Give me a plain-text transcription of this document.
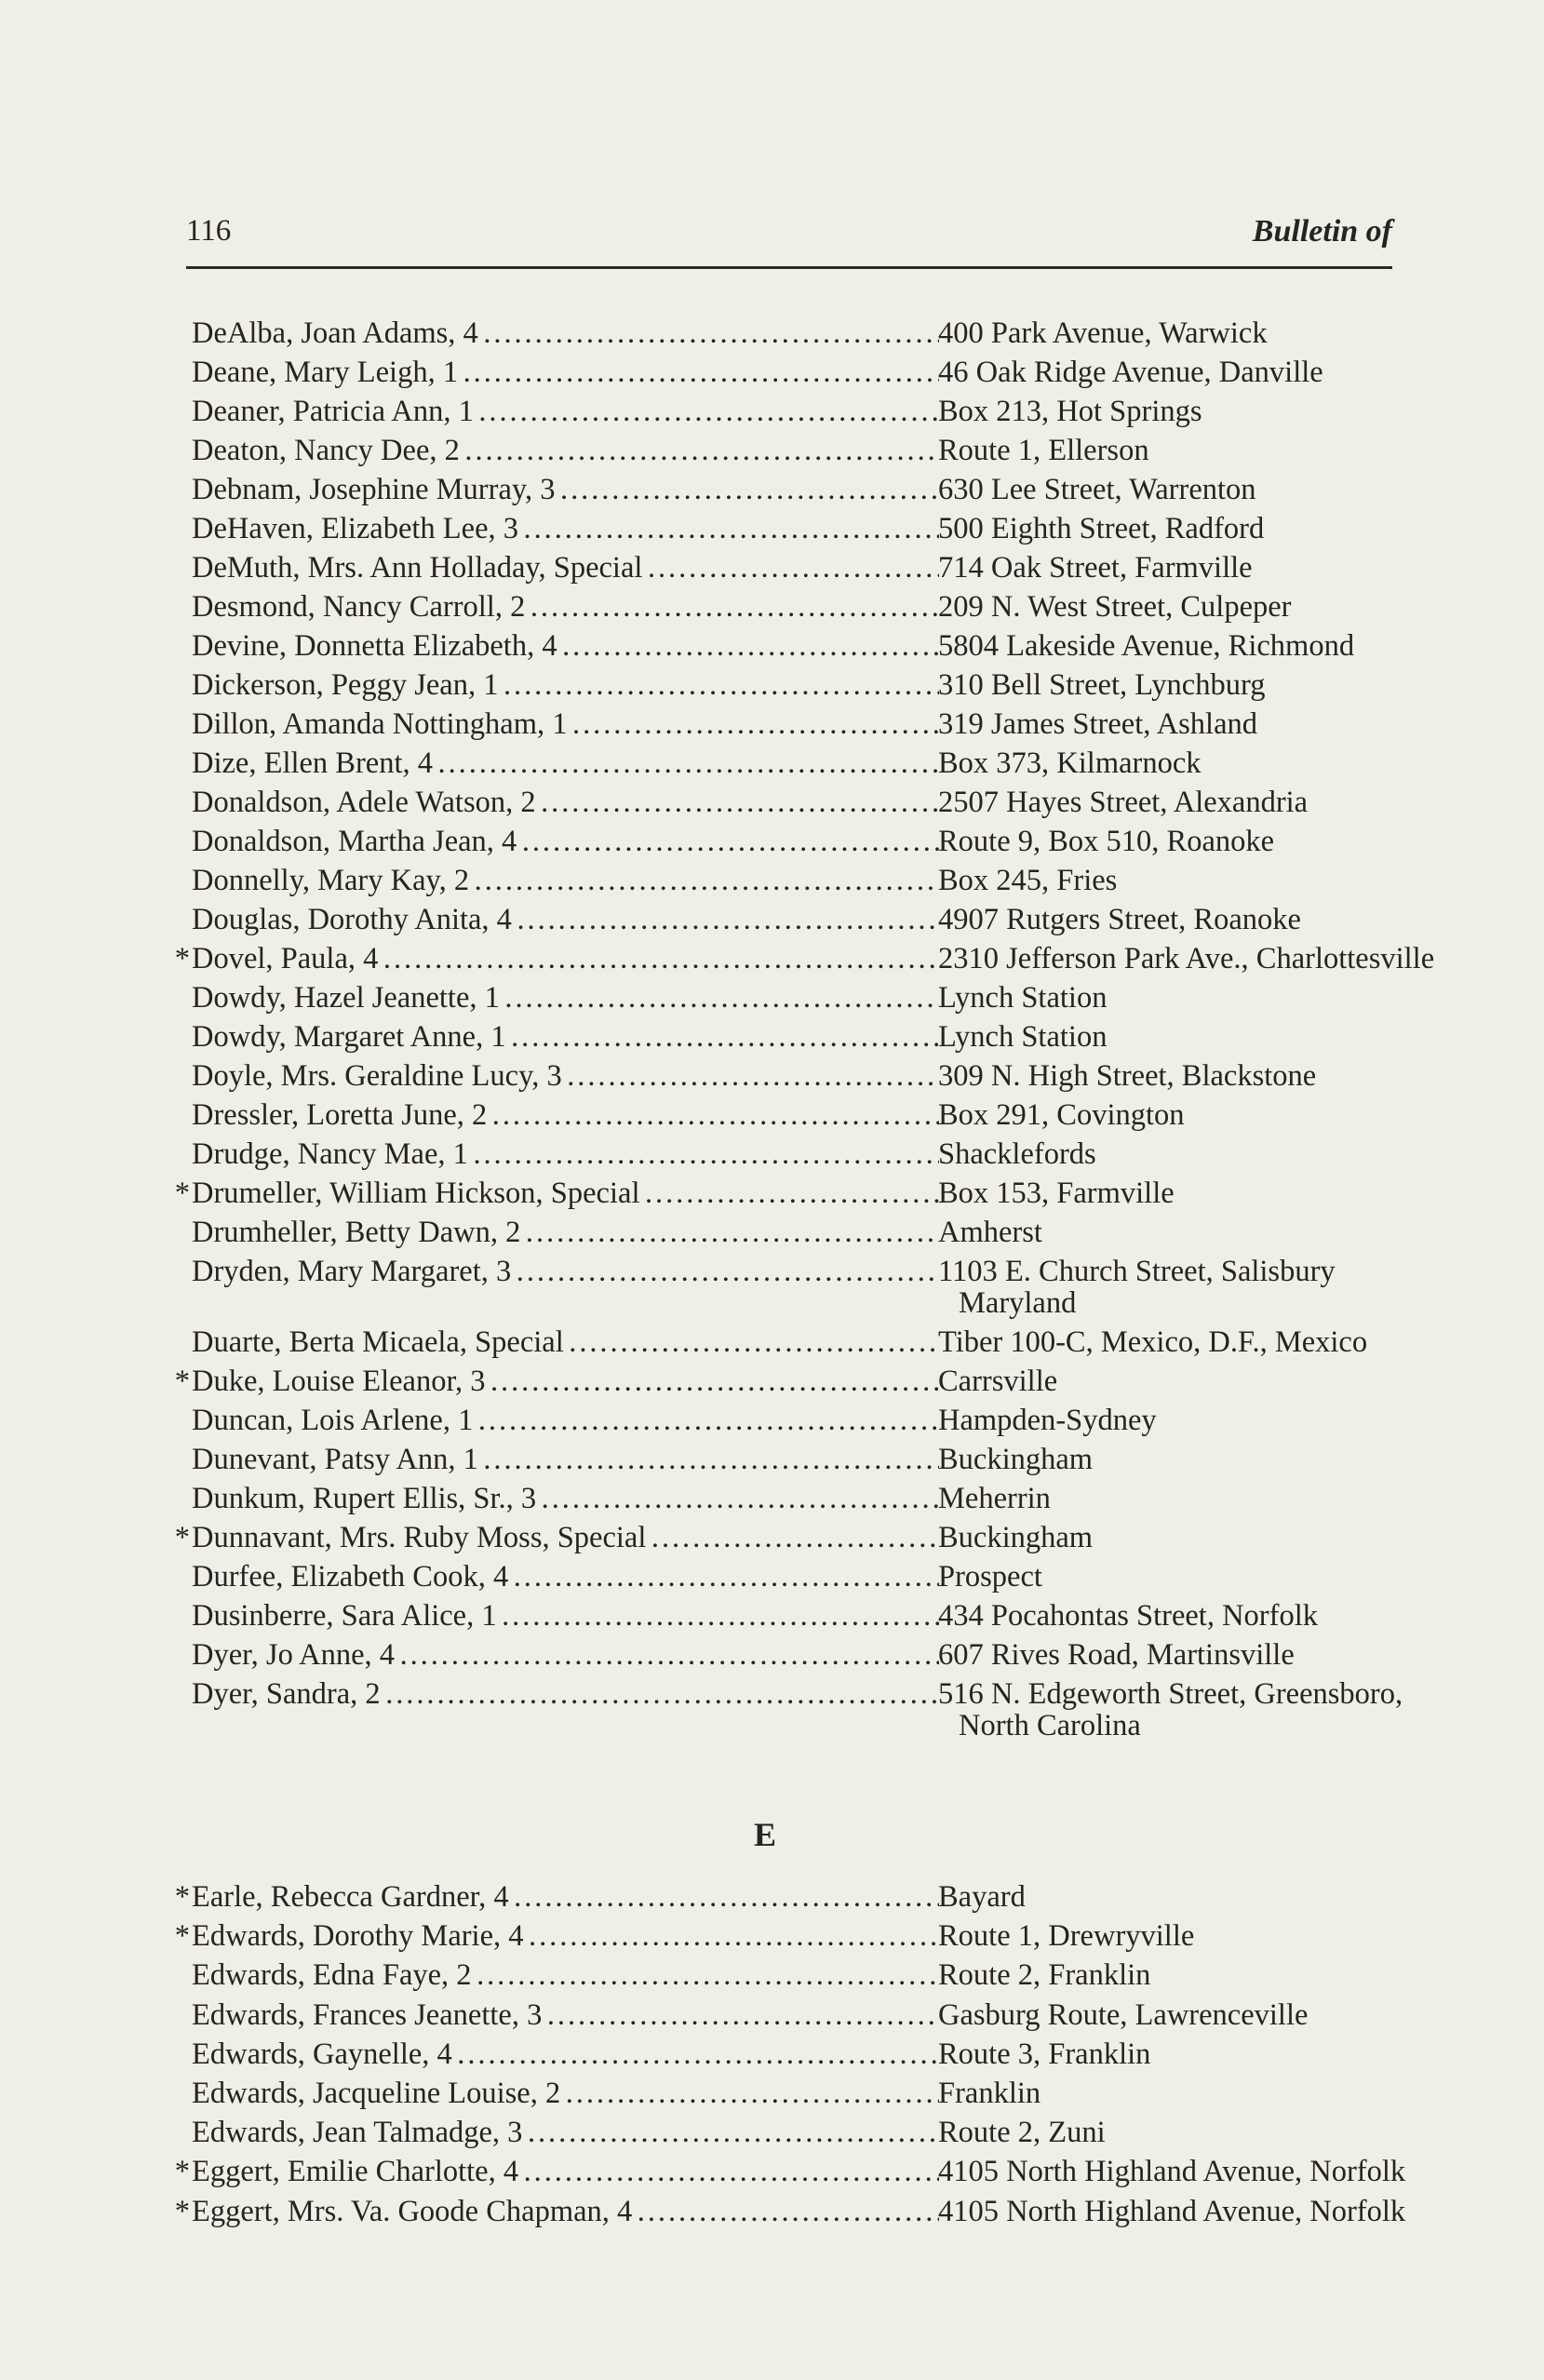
116	Bulletin of
DeAlba, Joan Adams, 4 . . .	400 Park Avenue, Warwick
Deane, Mary Leigh, 1 . . .	46 Oak Ridge Avenue, Danville
Deaner, Patricia Ann, 1 . . .	Box 213, Hot Springs
Deaton, Nancy Dee, 2 . . .	Route 1, Ellerson
Debnam, Josephine Murray, 3 . . .	630 Lee Street, Warrenton
DeHaven, Elizabeth Lee, 3 . . .	500 Eighth Street, Radford
DeMuth, Mrs. Ann Holladay, Special . . .	714 Oak Street, Farmville
Desmond, Nancy Carroll, 2 . . .	209 N. West Street, Culpeper
Devine, Donnetta Elizabeth, 4 . . .	5804 Lakeside Avenue, Richmond
Dickerson, Peggy Jean, 1 . . .	310 Bell Street, Lynchburg
Dillon, Amanda Nottingham, 1 . . .	319 James Street, Ashland
Dize, Ellen Brent, 4 . . .	Box 373, Kilmarnock
Donaldson, Adele Watson, 2 . . .	2507 Hayes Street, Alexandria
Donaldson, Martha Jean, 4 . . .	Route 9, Box 510, Roanoke
Donnelly, Mary Kay, 2 . . .	Box 245, Fries
Douglas, Dorothy Anita, 4 . . .	4907 Rutgers Street, Roanoke
* Dovel, Paula, 4 . . .	2310 Jefferson Park Ave., Charlottesville
Dowdy, Hazel Jeanette, 1 . . .	Lynch Station
Dowdy, Margaret Anne, 1 . . .	Lynch Station
Doyle, Mrs. Geraldine Lucy, 3 . . .	309 N. High Street, Blackstone
Dressler, Loretta June, 2 . . .	Box 291, Covington
Drudge, Nancy Mae, 1 . . .	Shacklefords
* Drumeller, William Hickson, Special . . .	Box 153, Farmville
Drumheller, Betty Dawn, 2 . . .	Amherst
Dryden, Mary Margaret, 3 . . .	1103 E. Church Street, Salisbury
Maryland
Duarte, Berta Micaela, Special . . .	Tiber 100-C, Mexico, D.F., Mexico
* Duke, Louise Eleanor, 3 . . .	Carrsville
Duncan, Lois Arlene, 1 . . .	Hampden-Sydney
Dunevant, Patsy Ann, 1 . . .	Buckingham
Dunkum, Rupert Ellis, Sr., 3 . . .	Meherrin
* Dunnavant, Mrs. Ruby Moss, Special . . .	Buckingham
Durfee, Elizabeth Cook, 4 . . .	Prospect
Dusinberre, Sara Alice, 1 . . .	434 Pocahontas Street, Norfolk
Dyer, Jo Anne, 4 . . .	607 Rives Road, Martinsville
Dyer, Sandra, 2 . . .	516 N. Edgeworth Street, Greensboro,
North Carolina
E
* Earle, Rebecca Gardner, 4 . . .	Bayard
* Edwards, Dorothy Marie, 4 . . .	Route 1, Drewryville
Edwards, Edna Faye, 2 . . .	Route 2, Franklin
Edwards, Frances Jeanette, 3 . . .	Gasburg Route, Lawrenceville
Edwards, Gaynelle, 4 . . .	Route 3, Franklin
Edwards, Jacqueline Louise, 2 . . .	Franklin
Edwards, Jean Talmadge, 3 . . .	Route 2, Zuni
* Eggert, Emilie Charlotte, 4 . . .	4105 North Highland Avenue, Norfolk
* Eggert, Mrs. Va. Goode Chapman, 4 . . .	4105 North Highland Avenue, Norfolk
